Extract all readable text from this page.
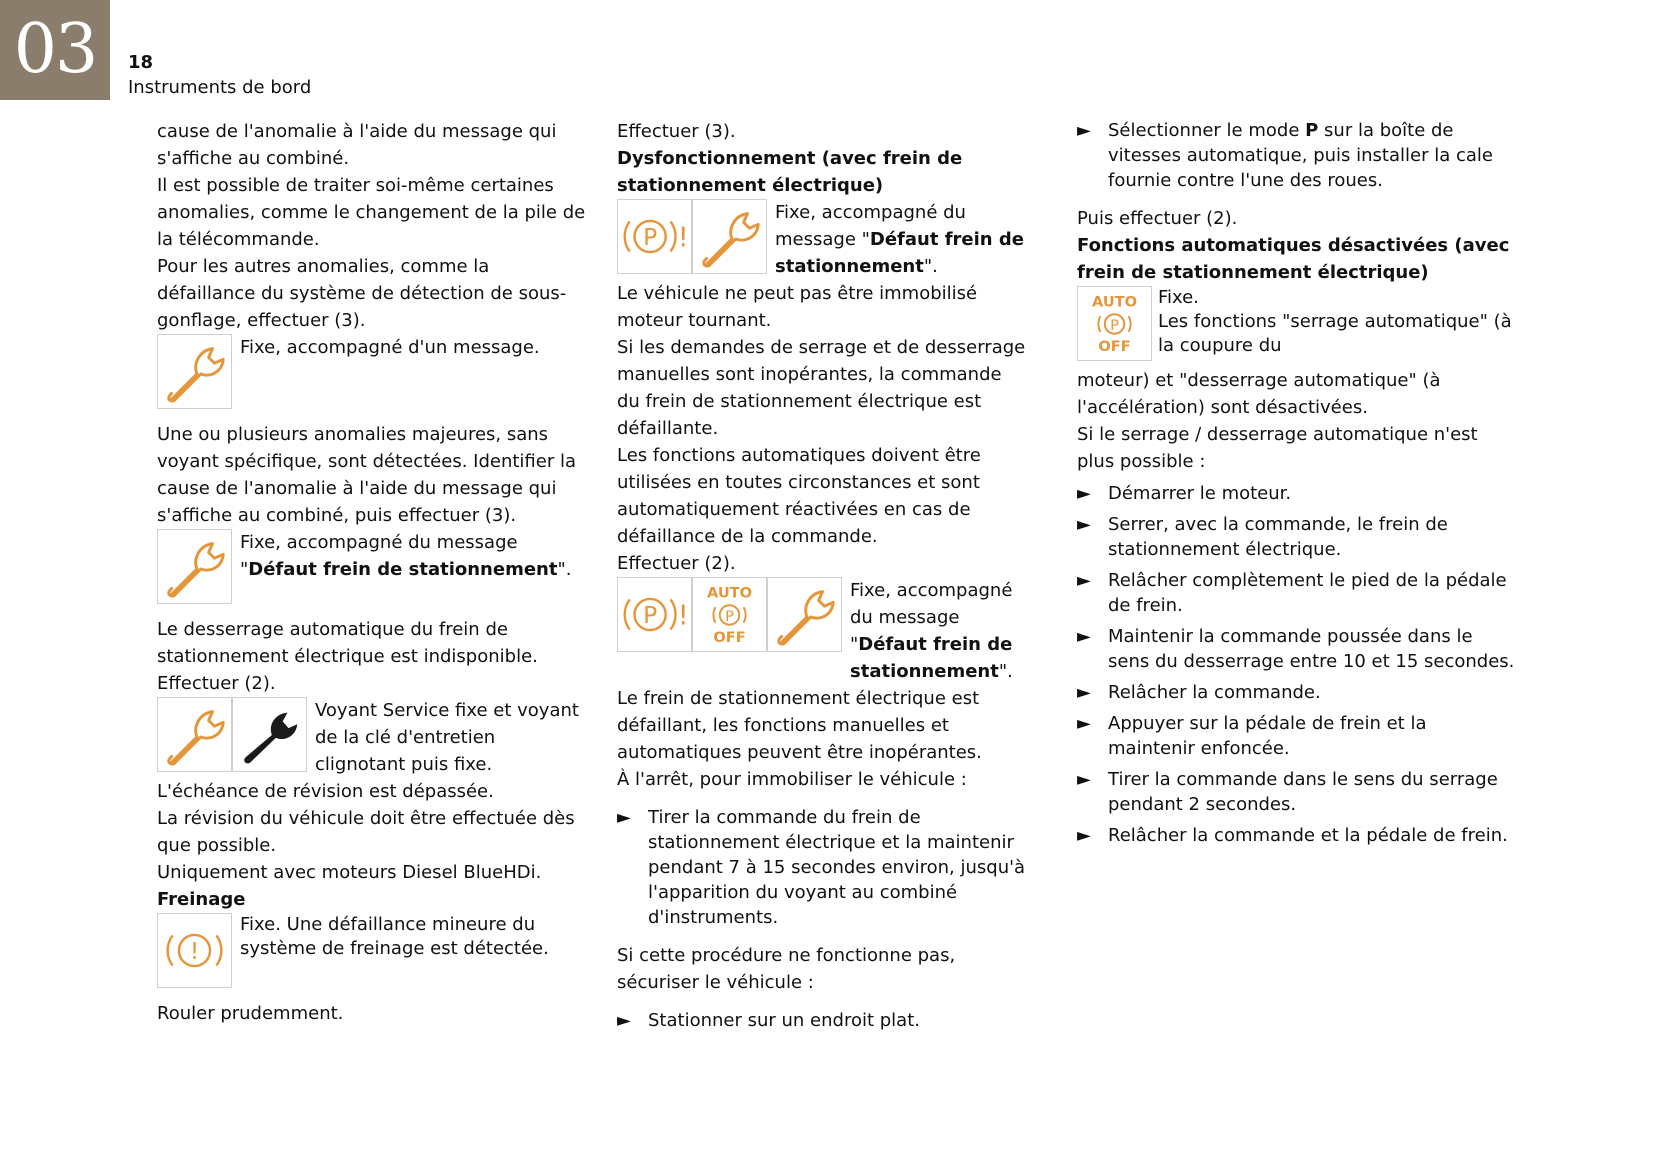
03	18
Instruments de bord

cause de l'anomalie à l'aide du message qui s'affiche au combiné.

Il est possible de traiter soi-même certaines anomalies, comme le changement de la pile de la télécommande.

Pour les autres anomalies, comme la défaillance du système de détection de sous-gonflage, effectuer (3).

Fixe, accompagné d'un message.

Une ou plusieurs anomalies majeures, sans voyant spécifique, sont détectées. Identifier la cause de l'anomalie à l'aide du message qui s'affiche au combiné, puis effectuer (3).

Fixe, accompagné du message
"Défaut frein de stationnement".

Le desserrage automatique du frein de stationnement électrique est indisponible.

Effectuer (2).

Voyant Service fixe et voyant de la clé d'entretien clignotant puis fixe.

L'échéance de révision est dépassée.

La révision du véhicule doit être effectuée dès que possible.

Uniquement avec moteurs Diesel BlueHDi.

Freinage

!
Fixe. Une défaillance mineure du système de freinage est détectée.

Rouler prudemment.

Effectuer (3).

Dysfonctionnement (avec frein de stationnement électrique)

P !
Fixe, accompagné du message "Défaut frein de stationnement".

Le véhicule ne peut pas être immobilisé moteur tournant.

Si les demandes de serrage et de desserrage manuelles sont inopérantes, la commande du frein de stationnement électrique est défaillante.

Les fonctions automatiques doivent être utilisées en toutes circonstances et sont automatiquement réactivées en cas de défaillance de la commande.

Effectuer (2).

P !
AUTO
P
OFF
Fixe, accompagné du message "Défaut frein de stationnement".

Le frein de stationnement électrique est défaillant, les fonctions manuelles et automatiques peuvent être inopérantes.

À l'arrêt, pour immobiliser le véhicule :

► Tirer la commande du frein de stationnement électrique et la maintenir pendant 7 à 15 secondes environ, jusqu'à l'apparition du voyant au combiné d'instruments.

Si cette procédure ne fonctionne pas, sécuriser le véhicule :

► Stationner sur un endroit plat.
► Sélectionner le mode P sur la boîte de vitesses automatique, puis installer la cale fournie contre l'une des roues.

Puis effectuer (2).

Fonctions automatiques désactivées (avec frein de stationnement électrique)

AUTO
P
OFF
Fixe.
Les fonctions "serrage automatique" (à la coupure du

moteur) et "desserrage automatique" (à l'accélération) sont désactivées.

Si le serrage / desserrage automatique n'est plus possible :

► Démarrer le moteur.
► Serrer, avec la commande, le frein de stationnement électrique.
► Relâcher complètement le pied de la pédale de frein.
► Maintenir la commande poussée dans le sens du desserrage entre 10 et 15 secondes.
► Relâcher la commande.
► Appuyer sur la pédale de frein et la maintenir enfoncée.
► Tirer la commande dans le sens du serrage pendant 2 secondes.
► Relâcher la commande et la pédale de frein.
